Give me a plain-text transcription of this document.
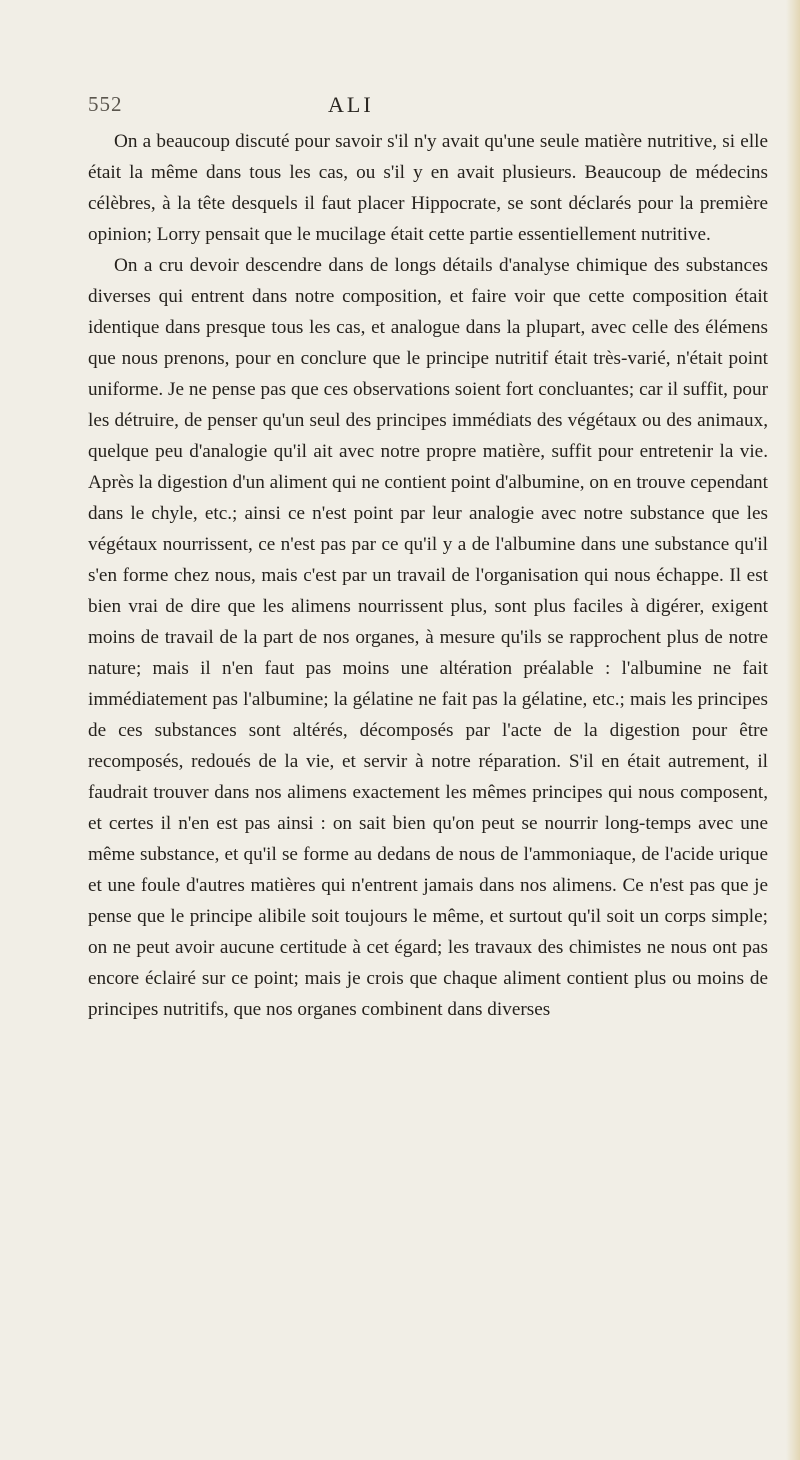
552	ALI

On a beaucoup discuté pour savoir s'il n'y avait qu'une seule matière nutritive, si elle était la même dans tous les cas, ou s'il y en avait plusieurs. Beaucoup de médecins célèbres, à la tête desquels il faut placer Hippocrate, se sont déclarés pour la première opinion; Lorry pensait que le mucilage était cette partie essentiellement nutritive.

On a cru devoir descendre dans de longs détails d'analyse chimique des substances diverses qui entrent dans notre composition, et faire voir que cette composition était identique dans presque tous les cas, et analogue dans la plupart, avec celle des élémens que nous prenons, pour en conclure que le principe nutritif était très-varié, n'était point uniforme. Je ne pense pas que ces observations soient fort concluantes; car il suffit, pour les détruire, de penser qu'un seul des principes immédiats des végétaux ou des animaux, quelque peu d'analogie qu'il ait avec notre propre matière, suffit pour entretenir la vie. Après la digestion d'un aliment qui ne contient point d'albumine, on en trouve cependant dans le chyle, etc.; ainsi ce n'est point par leur analogie avec notre substance que les végétaux nourrissent, ce n'est pas par ce qu'il y a de l'albumine dans une substance qu'il s'en forme chez nous, mais c'est par un travail de l'organisation qui nous échappe. Il est bien vrai de dire que les alimens nourrissent plus, sont plus faciles à digérer, exigent moins de travail de la part de nos organes, à mesure qu'ils se rapprochent plus de notre nature; mais il n'en faut pas moins une altération préalable : l'albumine ne fait immédiatement pas l'albumine; la gélatine ne fait pas la gélatine, etc.; mais les principes de ces substances sont altérés, décomposés par l'acte de la digestion pour être recomposés, redoués de la vie, et servir à notre réparation. S'il en était autrement, il faudrait trouver dans nos alimens exactement les mêmes principes qui nous composent, et certes il n'en est pas ainsi : on sait bien qu'on peut se nourrir long-temps avec une même substance, et qu'il se forme au dedans de nous de l'ammoniaque, de l'acide urique et une foule d'autres matières qui n'entrent jamais dans nos alimens. Ce n'est pas que je pense que le principe alibile soit toujours le même, et surtout qu'il soit un corps simple; on ne peut avoir aucune certitude à cet égard; les travaux des chimistes ne nous ont pas encore éclairé sur ce point; mais je crois que chaque aliment contient plus ou moins de principes nutritifs, que nos organes combinent dans diverses
